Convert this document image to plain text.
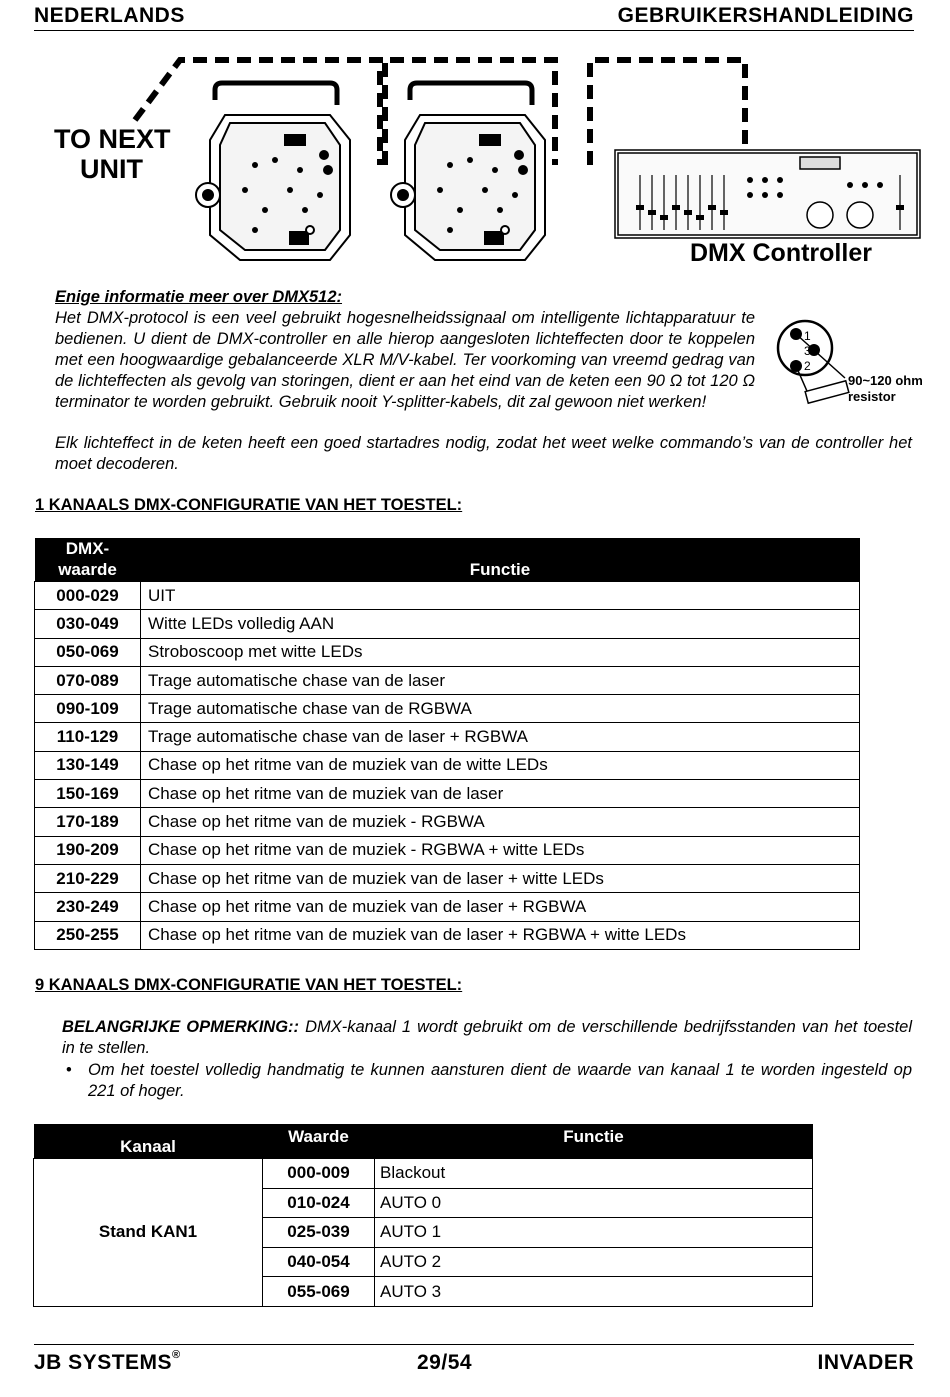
NEDERLANDS	GEBRUIKERSHANDLEIDING
TO NEXT
UNIT
DMX Controller
Enige informatie meer over DMX512:
Het DMX-protocol is een veel gebruikt hogesnelheidssignaal om intelligente lichtapparatuur te bedienen. U dient de DMX-controller en alle hierop aangesloten lichteffecten door te koppelen met een hoogwaardige gebalanceerde XLR M/V-kabel. Ter voorkoming van vreemd gedrag van de lichteffecten als gevolg van storingen, dient er aan het eind van de keten een 90 Ω tot 120 Ω terminator te worden gebruikt. Gebruik nooit Y-splitter-kabels, dit zal gewoon niet werken!
Elk lichteffect in de keten heeft een goed startadres nodig, zodat het weet welke commando’s van de controller het moet decoderen.
1
3
2
90~120 ohm
resistor
1 KANAALS DMX-CONFIGURATIE VAN HET TOESTEL:
DMX-
waarde	Functie
000-029	UIT
030-049	Witte LEDs volledig AAN
050-069	Stroboscoop met witte LEDs
070-089	Trage automatische chase van de laser
090-109	Trage automatische chase van de RGBWA
110-129	Trage automatische chase van de laser + RGBWA
130-149	Chase op het ritme van de muziek van de witte LEDs
150-169	Chase op het ritme van de muziek van de laser
170-189	Chase op het ritme van de muziek - RGBWA
190-209	Chase op het ritme van de muziek - RGBWA + witte LEDs
210-229	Chase op het ritme van de muziek van de laser + witte LEDs
230-249	Chase op het ritme van de muziek van de laser + RGBWA
250-255	Chase op het ritme van de muziek van de laser + RGBWA + witte LEDs
9 KANAALS DMX-CONFIGURATIE VAN HET TOESTEL:
BELANGRIJKE OPMERKING:: DMX-kanaal 1 wordt gebruikt om de verschillende bedrijfsstanden van het toestel in te stellen.
• Om het toestel volledig handmatig te kunnen aansturen dient de waarde van kanaal 1 te worden ingesteld op 221 of hoger.
Kanaal	Waarde	Functie
Stand KAN1	000-009	Blackout
	010-024	AUTO 0
	025-039	AUTO 1
	040-054	AUTO 2
	055-069	AUTO 3
JB SYSTEMS®	29/54	INVADER
